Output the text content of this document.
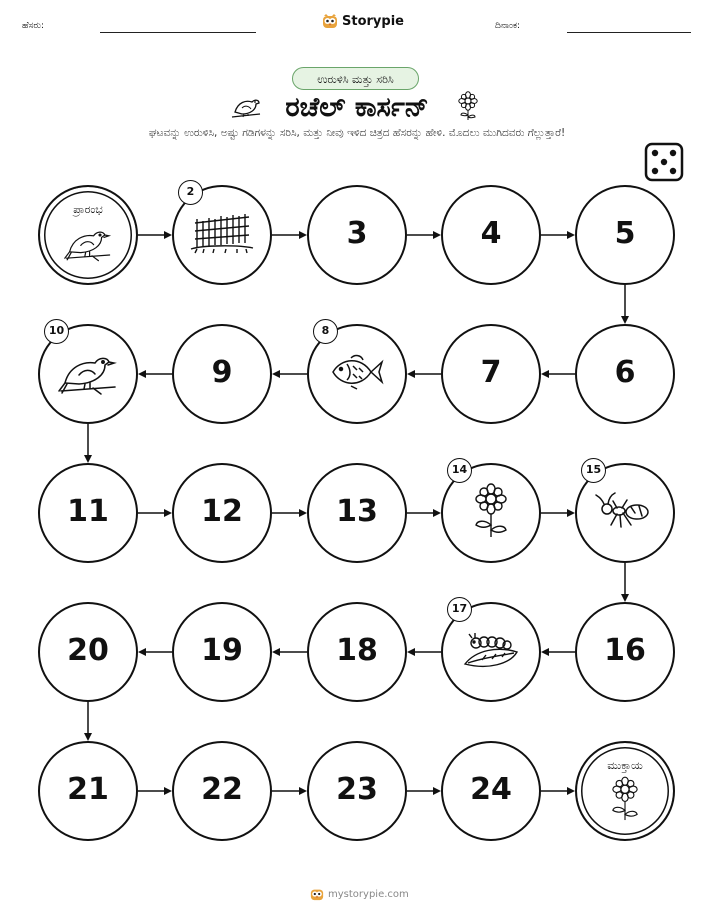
ಹೆಸರು:	Storypie	ದಿನಾಂಕ:
ಉರುಳಿಸಿ ಮತ್ತು ಸರಿಸಿ
ರಚೆಲ್ ಕಾರ್ಸನ್
ಘಟವನ್ನು ಉರುಳಿಸಿ, ಅಷ್ಟು ಗಡಿಗಳನ್ನು ಸರಿಸಿ, ಮತ್ತು ನೀವು ಇಳಿದ ಚಿತ್ರದ ಹೆಸರನ್ನು ಹೇಳಿ. ಮೊದಲು ಮುಗಿದವರು ಗೆಲ್ಲುತ್ತಾರೆ!
ಪ್ರಾರಂಭ
2
3	4	5
6
7
8
9
10
11	12	13
14	15
16
17
18
19
20
21	22	23	24
ಮುಕ್ತಾಯ
mystorypie.com
